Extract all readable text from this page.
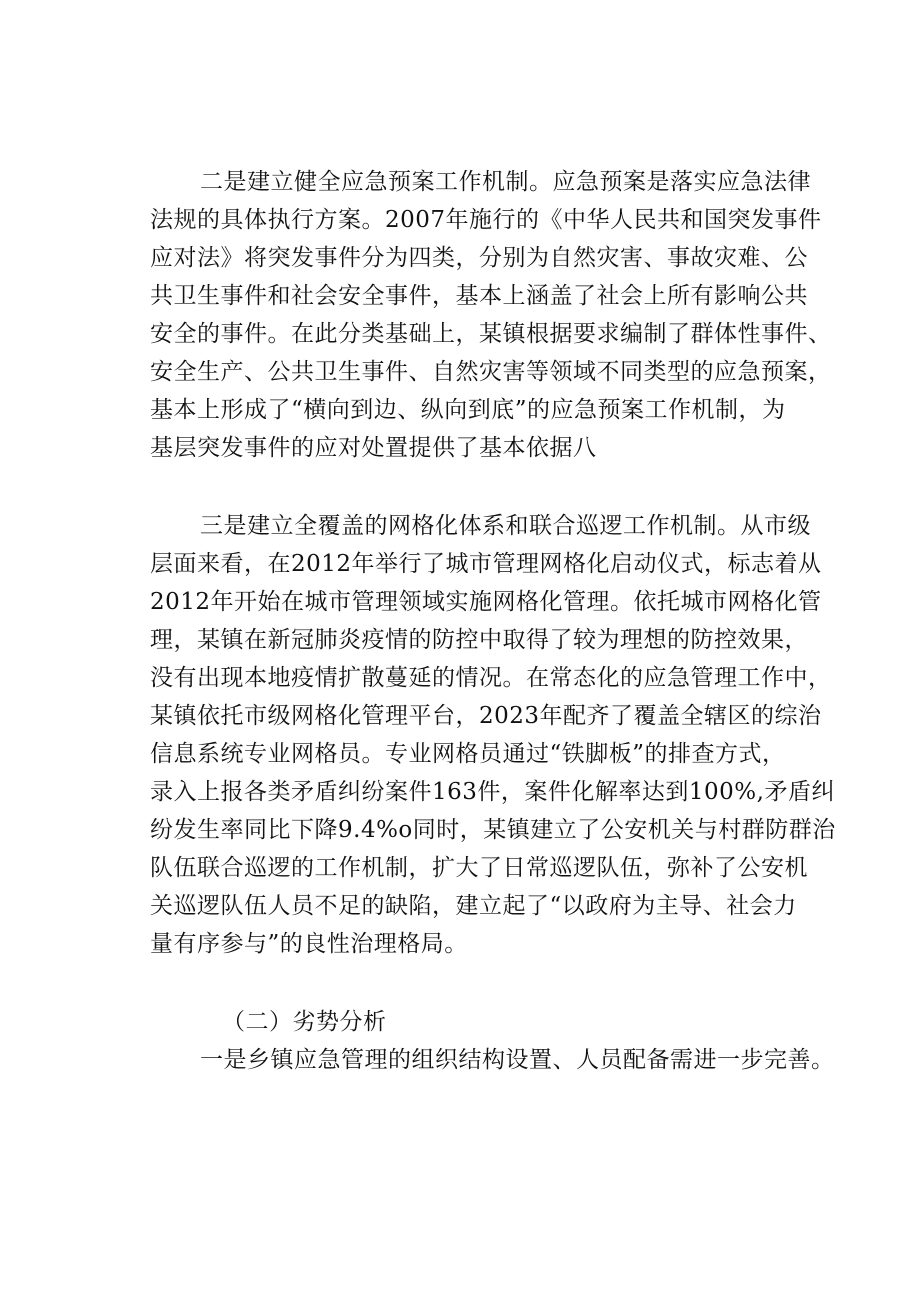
二是建立健全应急预案工作机制。应急预案是落实应急法律
法规的具体执行方案。2007年施行的《中华人民共和国突发事件
应对法》将突发事件分为四类，分别为自然灾害、事故灾难、公
共卫生事件和社会安全事件，基本上涵盖了社会上所有影响公共
安全的事件。在此分类基础上，某镇根据要求编制了群体性事件、
安全生产、公共卫生事件、自然灾害等领域不同类型的应急预案，
基本上形成了“横向到边、纵向到底”的应急预案工作机制，为
基层突发事件的应对处置提供了基本依据八
三是建立全覆盖的网格化体系和联合巡逻工作机制。从市级
层面来看，在2012年举行了城市管理网格化启动仪式，标志着从
2012年开始在城市管理领域实施网格化管理。依托城市网格化管
理，某镇在新冠肺炎疫情的防控中取得了较为理想的防控效果，
没有出现本地疫情扩散蔓延的情况。在常态化的应急管理工作中，
某镇依托市级网格化管理平台，2023年配齐了覆盖全辖区的综治
信息系统专业网格员。专业网格员通过“铁脚板”的排查方式，
录入上报各类矛盾纠纷案件163件，案件化解率达到100%,矛盾纠
纷发生率同比下降9.4%o同时，某镇建立了公安机关与村群防群治
队伍联合巡逻的工作机制，扩大了日常巡逻队伍，弥补了公安机
关巡逻队伍人员不足的缺陷，建立起了“以政府为主导、社会力
量有序参与”的良性治理格局。
（二）劣势分析
一是乡镇应急管理的组织结构设置、人员配备需进一步完善。
